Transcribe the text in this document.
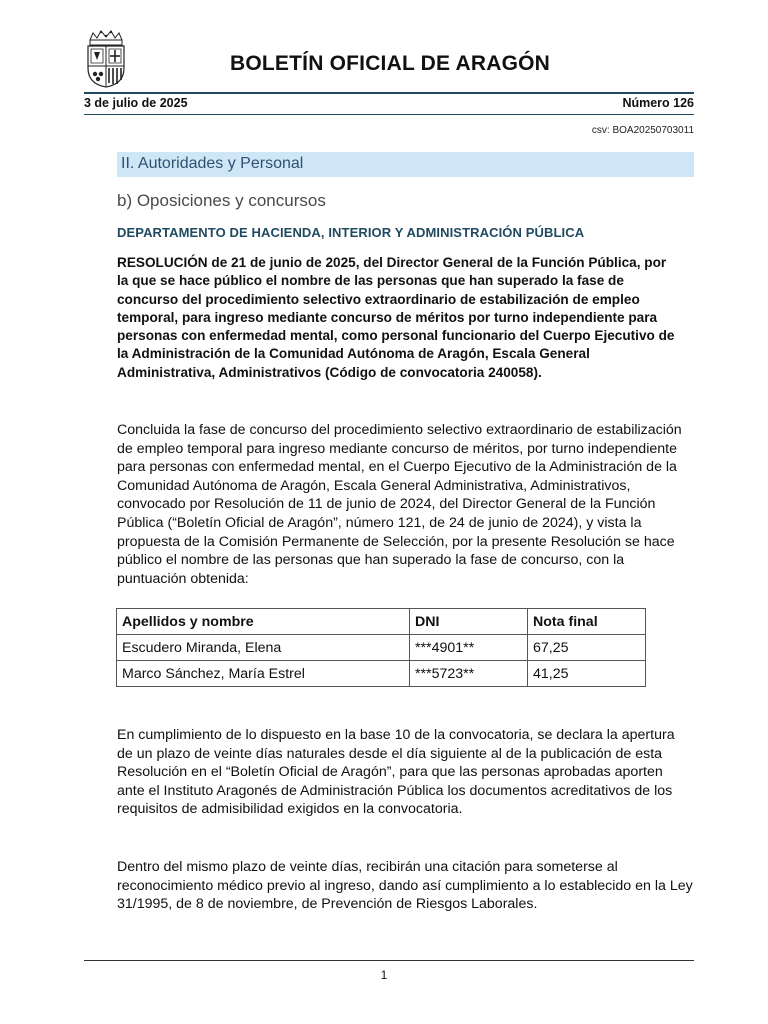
BOLETÍN OFICIAL DE ARAGÓN
3 de julio de 2025	Número 126
csv: BOA20250703011
II. Autoridades y Personal
b) Oposiciones y concursos
DEPARTAMENTO DE HACIENDA, INTERIOR Y ADMINISTRACIÓN PÚBLICA
RESOLUCIÓN de 21 de junio de 2025, del Director General de la Función Pública, por la que se hace público el nombre de las personas que han superado la fase de concurso del procedimiento selectivo extraordinario de estabilización de empleo temporal, para ingreso mediante concurso de méritos por turno independiente para personas con enfermedad mental, como personal funcionario del Cuerpo Ejecutivo de la Administración de la Comunidad Autónoma de Aragón, Escala General Administrativa, Administrativos (Código de convocatoria 240058).
Concluida la fase de concurso del procedimiento selectivo extraordinario de estabilización de empleo temporal para ingreso mediante concurso de méritos, por turno independiente para personas con enfermedad mental, en el Cuerpo Ejecutivo de la Administración de la Comunidad Autónoma de Aragón, Escala General Administrativa, Administrativos, convocado por Resolución de 11 de junio de 2024, del Director General de la Función Pública (“Boletín Oficial de Aragón”, número 121, de 24 de junio de 2024), y vista la propuesta de la Comisión Permanente de Selección, por la presente Resolución se hace público el nombre de las personas que han superado la fase de concurso, con la puntuación obtenida:
Apellidos y nombre	DNI	Nota final
Escudero Miranda, Elena	***4901**	67,25
Marco Sánchez, María Estrel	***5723**	41,25
En cumplimiento de lo dispuesto en la base 10 de la convocatoria, se declara la apertura de un plazo de veinte días naturales desde el día siguiente al de la publicación de esta Resolución en el “Boletín Oficial de Aragón”, para que las personas aprobadas aporten ante el Instituto Aragonés de Administración Pública los documentos acreditativos de los requisitos de admisibilidad exigidos en la convocatoria.
Dentro del mismo plazo de veinte días, recibirán una citación para someterse al reconocimiento médico previo al ingreso, dando así cumplimiento a lo establecido en la Ley 31/1995, de 8 de noviembre, de Prevención de Riesgos Laborales.
1
